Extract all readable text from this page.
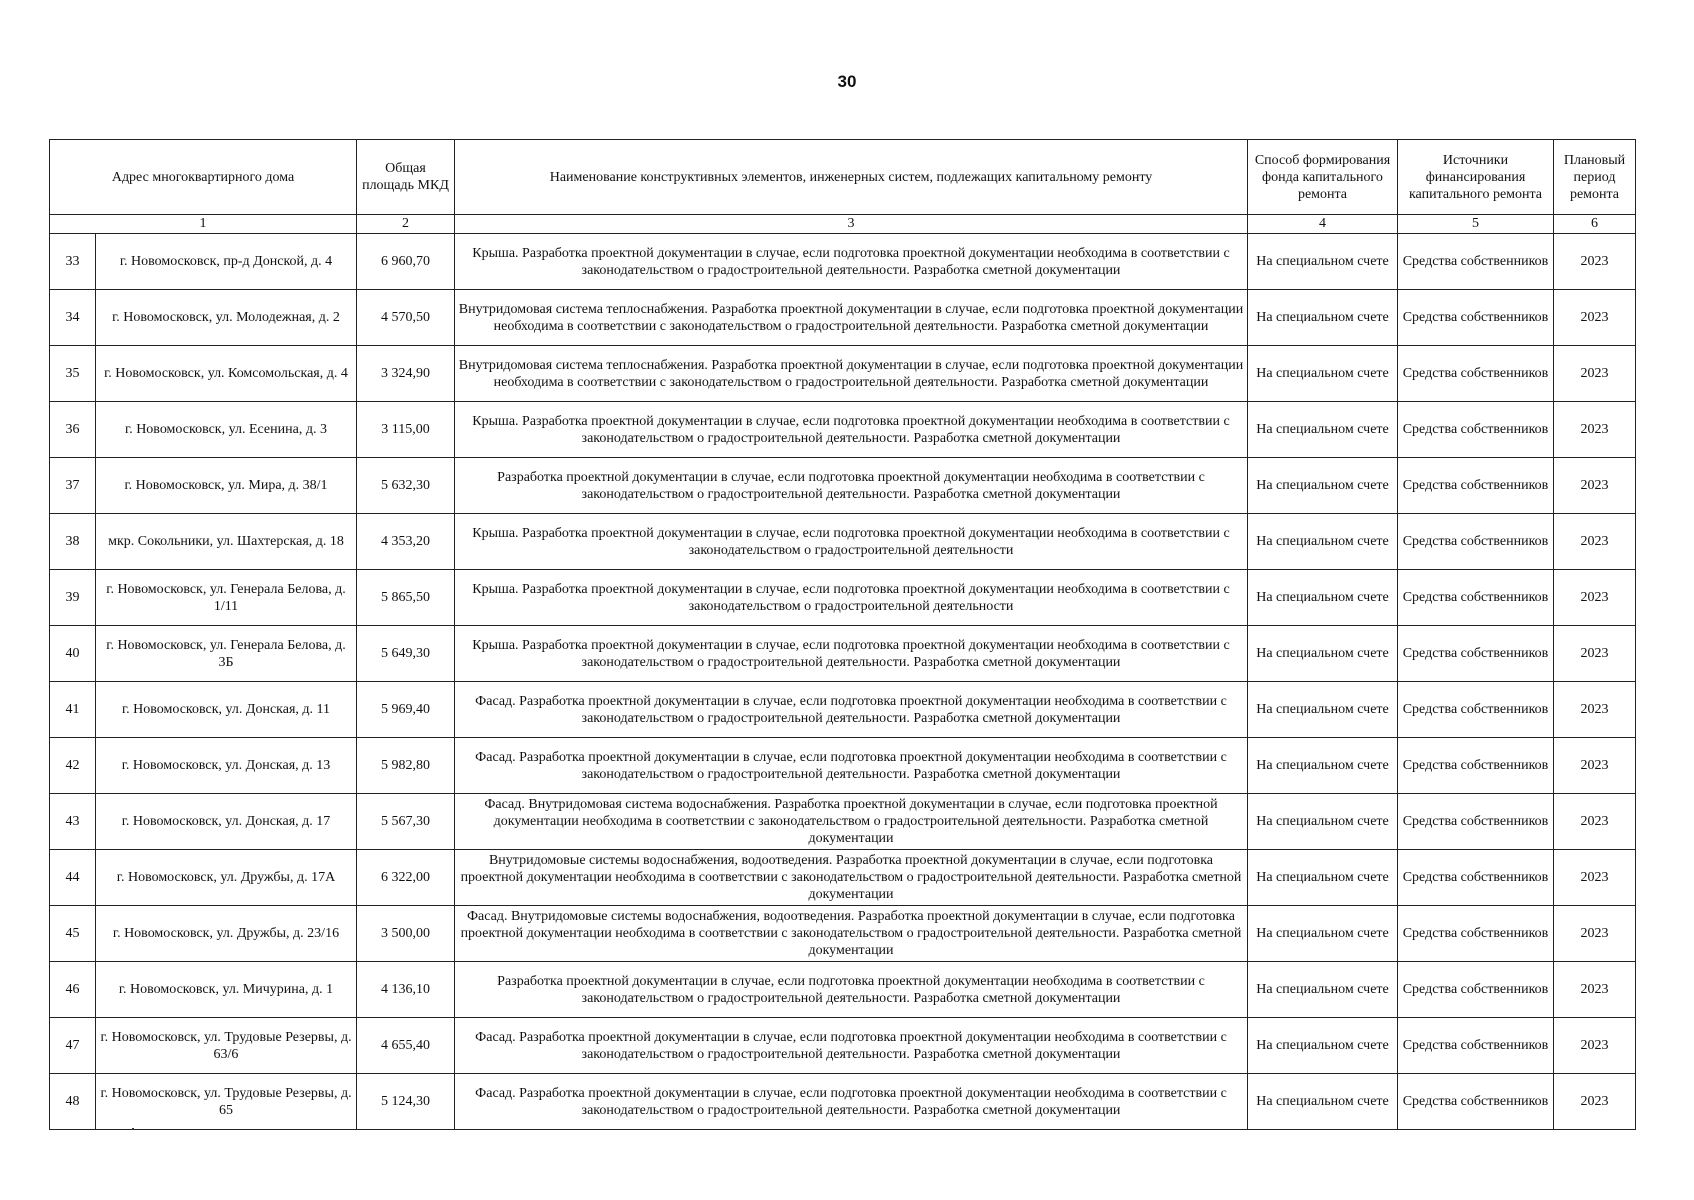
30
Адрес многоквартирного дома		Общая площадь МКД	Наименование конструктивных элементов, инженерных систем, подлежащих капитальному ремонту	Способ формирования фонда капитального ремонта	Источники финансирования капитального ремонта	Плановый период ремонта
1		2	3	4	5	6
33	г. Новомосковск, пр-д Донской, д. 4	6 960,70	Крыша. Разработка проектной документации в случае, если подготовка проектной документации необходима в соответствии с законодательством о градостроительной деятельности. Разработка сметной документации	На специальном счете	Средства собственников	2023
34	г. Новомосковск, ул. Молодежная, д. 2	4 570,50	Внутридомовая система теплоснабжения. Разработка проектной документации в случае, если подготовка проектной документации необходима в соответствии с законодательством о градостроительной деятельности. Разработка сметной документации	На специальном счете	Средства собственников	2023
35	г. Новомосковск, ул. Комсомольская, д. 4	3 324,90	Внутридомовая система теплоснабжения. Разработка проектной документации в случае, если подготовка проектной документации необходима в соответствии с законодательством о градостроительной деятельности. Разработка сметной документации	На специальном счете	Средства собственников	2023
36	г. Новомосковск, ул. Есенина, д. 3	3 115,00	Крыша. Разработка проектной документации в случае, если подготовка проектной документации необходима в соответствии с законодательством о градостроительной деятельности. Разработка сметной документации	На специальном счете	Средства собственников	2023
37	г. Новомосковск, ул. Мира, д. 38/1	5 632,30	Разработка проектной документации в случае, если подготовка проектной документации необходима в соответствии с законодательством о градостроительной деятельности. Разработка сметной документации	На специальном счете	Средства собственников	2023
38	мкр. Сокольники, ул. Шахтерская, д. 18	4 353,20	Крыша. Разработка проектной документации в случае, если подготовка проектной документации необходима в соответствии с законодательством о градостроительной деятельности	На специальном счете	Средства собственников	2023
39	г. Новомосковск, ул. Генерала Белова, д. 1/11	5 865,50	Крыша. Разработка проектной документации в случае, если подготовка проектной документации необходима в соответствии с законодательством о градостроительной деятельности	На специальном счете	Средства собственников	2023
40	г. Новомосковск, ул. Генерала Белова, д. 3Б	5 649,30	Крыша. Разработка проектной документации в случае, если подготовка проектной документации необходима в соответствии с законодательством о градостроительной деятельности. Разработка сметной документации	На специальном счете	Средства собственников	2023
41	г. Новомосковск, ул. Донская, д. 11	5 969,40	Фасад. Разработка проектной документации в случае, если подготовка проектной документации необходима в соответствии с законодательством о градостроительной деятельности. Разработка сметной документации	На специальном счете	Средства собственников	2023
42	г. Новомосковск, ул. Донская, д. 13	5 982,80	Фасад. Разработка проектной документации в случае, если подготовка проектной документации необходима в соответствии с законодательством о градостроительной деятельности. Разработка сметной документации	На специальном счете	Средства собственников	2023
43	г. Новомосковск, ул. Донская, д. 17	5 567,30	Фасад. Внутридомовая система водоснабжения. Разработка проектной документации в случае, если подготовка проектной документации необходима в соответствии с законодательством о градостроительной деятельности. Разработка сметной документации	На специальном счете	Средства собственников	2023
44	г. Новомосковск, ул. Дружбы, д. 17А	6 322,00	Внутридомовые системы водоснабжения, водоотведения. Разработка проектной документации в случае, если подготовка проектной документации необходима в соответствии с законодательством о градостроительной деятельности. Разработка сметной документации	На специальном счете	Средства собственников	2023
45	г. Новомосковск, ул. Дружбы, д. 23/16	3 500,00	Фасад. Внутридомовые системы водоснабжения, водоотведения. Разработка проектной документации в случае, если подготовка проектной документации необходима в соответствии с законодательством о градостроительной деятельности. Разработка сметной документации	На специальном счете	Средства собственников	2023
46	г. Новомосковск, ул. Мичурина, д. 1	4 136,10	Разработка проектной документации в случае, если подготовка проектной документации необходима в соответствии с законодательством о градостроительной деятельности. Разработка сметной документации	На специальном счете	Средства собственников	2023
47	г. Новомосковск, ул. Трудовые Резервы, д. 63/6	4 655,40	Фасад. Разработка проектной документации в случае, если подготовка проектной документации необходима в соответствии с законодательством о градостроительной деятельности. Разработка сметной документации	На специальном счете	Средства собственников	2023
48	г. Новомосковск, ул. Трудовые Резервы, д. 65	5 124,30	Фасад. Разработка проектной документации в случае, если подготовка проектной документации необходима в соответствии с законодательством о градостроительной деятельности. Разработка сметной документации	На специальном счете	Средства собственников	2023
